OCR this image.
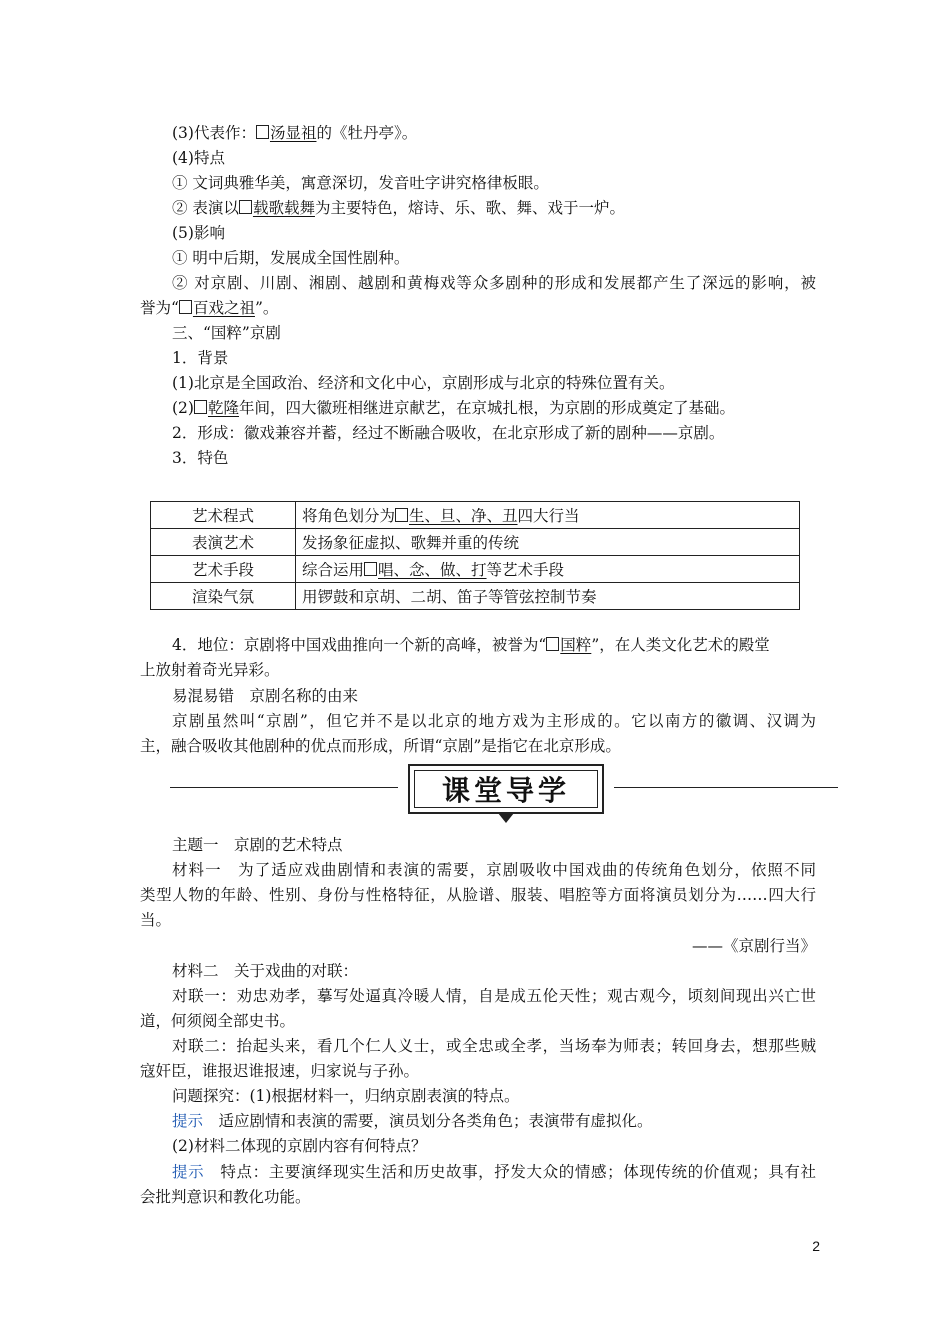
(3)代表作： 汤显祖的《牡丹亭》。
(4)特点
① 文词典雅华美，寓意深切，发音吐字讲究格律板眼。
② 表演以 载歌载舞为主要特色，熔诗、乐、歌、舞、戏于一炉。
(5)影响
① 明中后期，发展成全国性剧种。
② 对京剧、川剧、湘剧、越剧和黄梅戏等众多剧种的形成和发展都产生了深远的影响，被
誉为“ 百戏之祖”。
三、“国粹”京剧
1．背景
(1)北京是全国政治、经济和文化中心，京剧形成与北京的特殊位置有关。
(2) 乾隆年间，四大徽班相继进京献艺，在京城扎根，为京剧的形成奠定了基础。
2．形成：徽戏兼容并蓄，经过不断融合吸收，在北京形成了新的剧种——京剧。
3．特色
艺术程式	将角色划分为 生、旦、净、丑四大行当
表演艺术	发扬象征虚拟、歌舞并重的传统
艺术手段	综合运用 唱、念、做、打等艺术手段
渲染气氛	用锣鼓和京胡、二胡、笛子等管弦控制节奏
4．地位：京剧将中国戏曲推向一个新的高峰，被誉为“ 国粹”，在人类文化艺术的殿堂
上放射着奇光异彩。
易混易错　京剧名称的由来
京剧虽然叫“京剧”，但它并不是以北京的地方戏为主形成的。它以南方的徽调、汉调为
主，融合吸收其他剧种的优点而形成，所谓“京剧”是指它在北京形成。
课堂导学
主题一　京剧的艺术特点
材料一　为了适应戏曲剧情和表演的需要，京剧吸收中国戏曲的传统角色划分，依照不同
类型人物的年龄、性别、身份与性格特征，从脸谱、服装、唱腔等方面将演员划分为……四大行
当。
——《京剧行当》
材料二　关于戏曲的对联：
对联一：劝忠劝孝，摹写处逼真冷暖人情，自是成五伦天性；观古观今，顷刻间现出兴亡世
道，何须阅全部史书。
对联二：抬起头来，看几个仁人义士，或全忠或全孝，当场奉为师表；转回身去，想那些贼
寇奸臣，谁报迟谁报速，归家说与子孙。
问题探究：(1)根据材料一，归纳京剧表演的特点。
提示　适应剧情和表演的需要，演员划分各类角色；表演带有虚拟化。
(2)材料二体现的京剧内容有何特点？
提示　特点：主要演绎现实生活和历史故事，抒发大众的情感；体现传统的价值观；具有社
会批判意识和教化功能。
2
